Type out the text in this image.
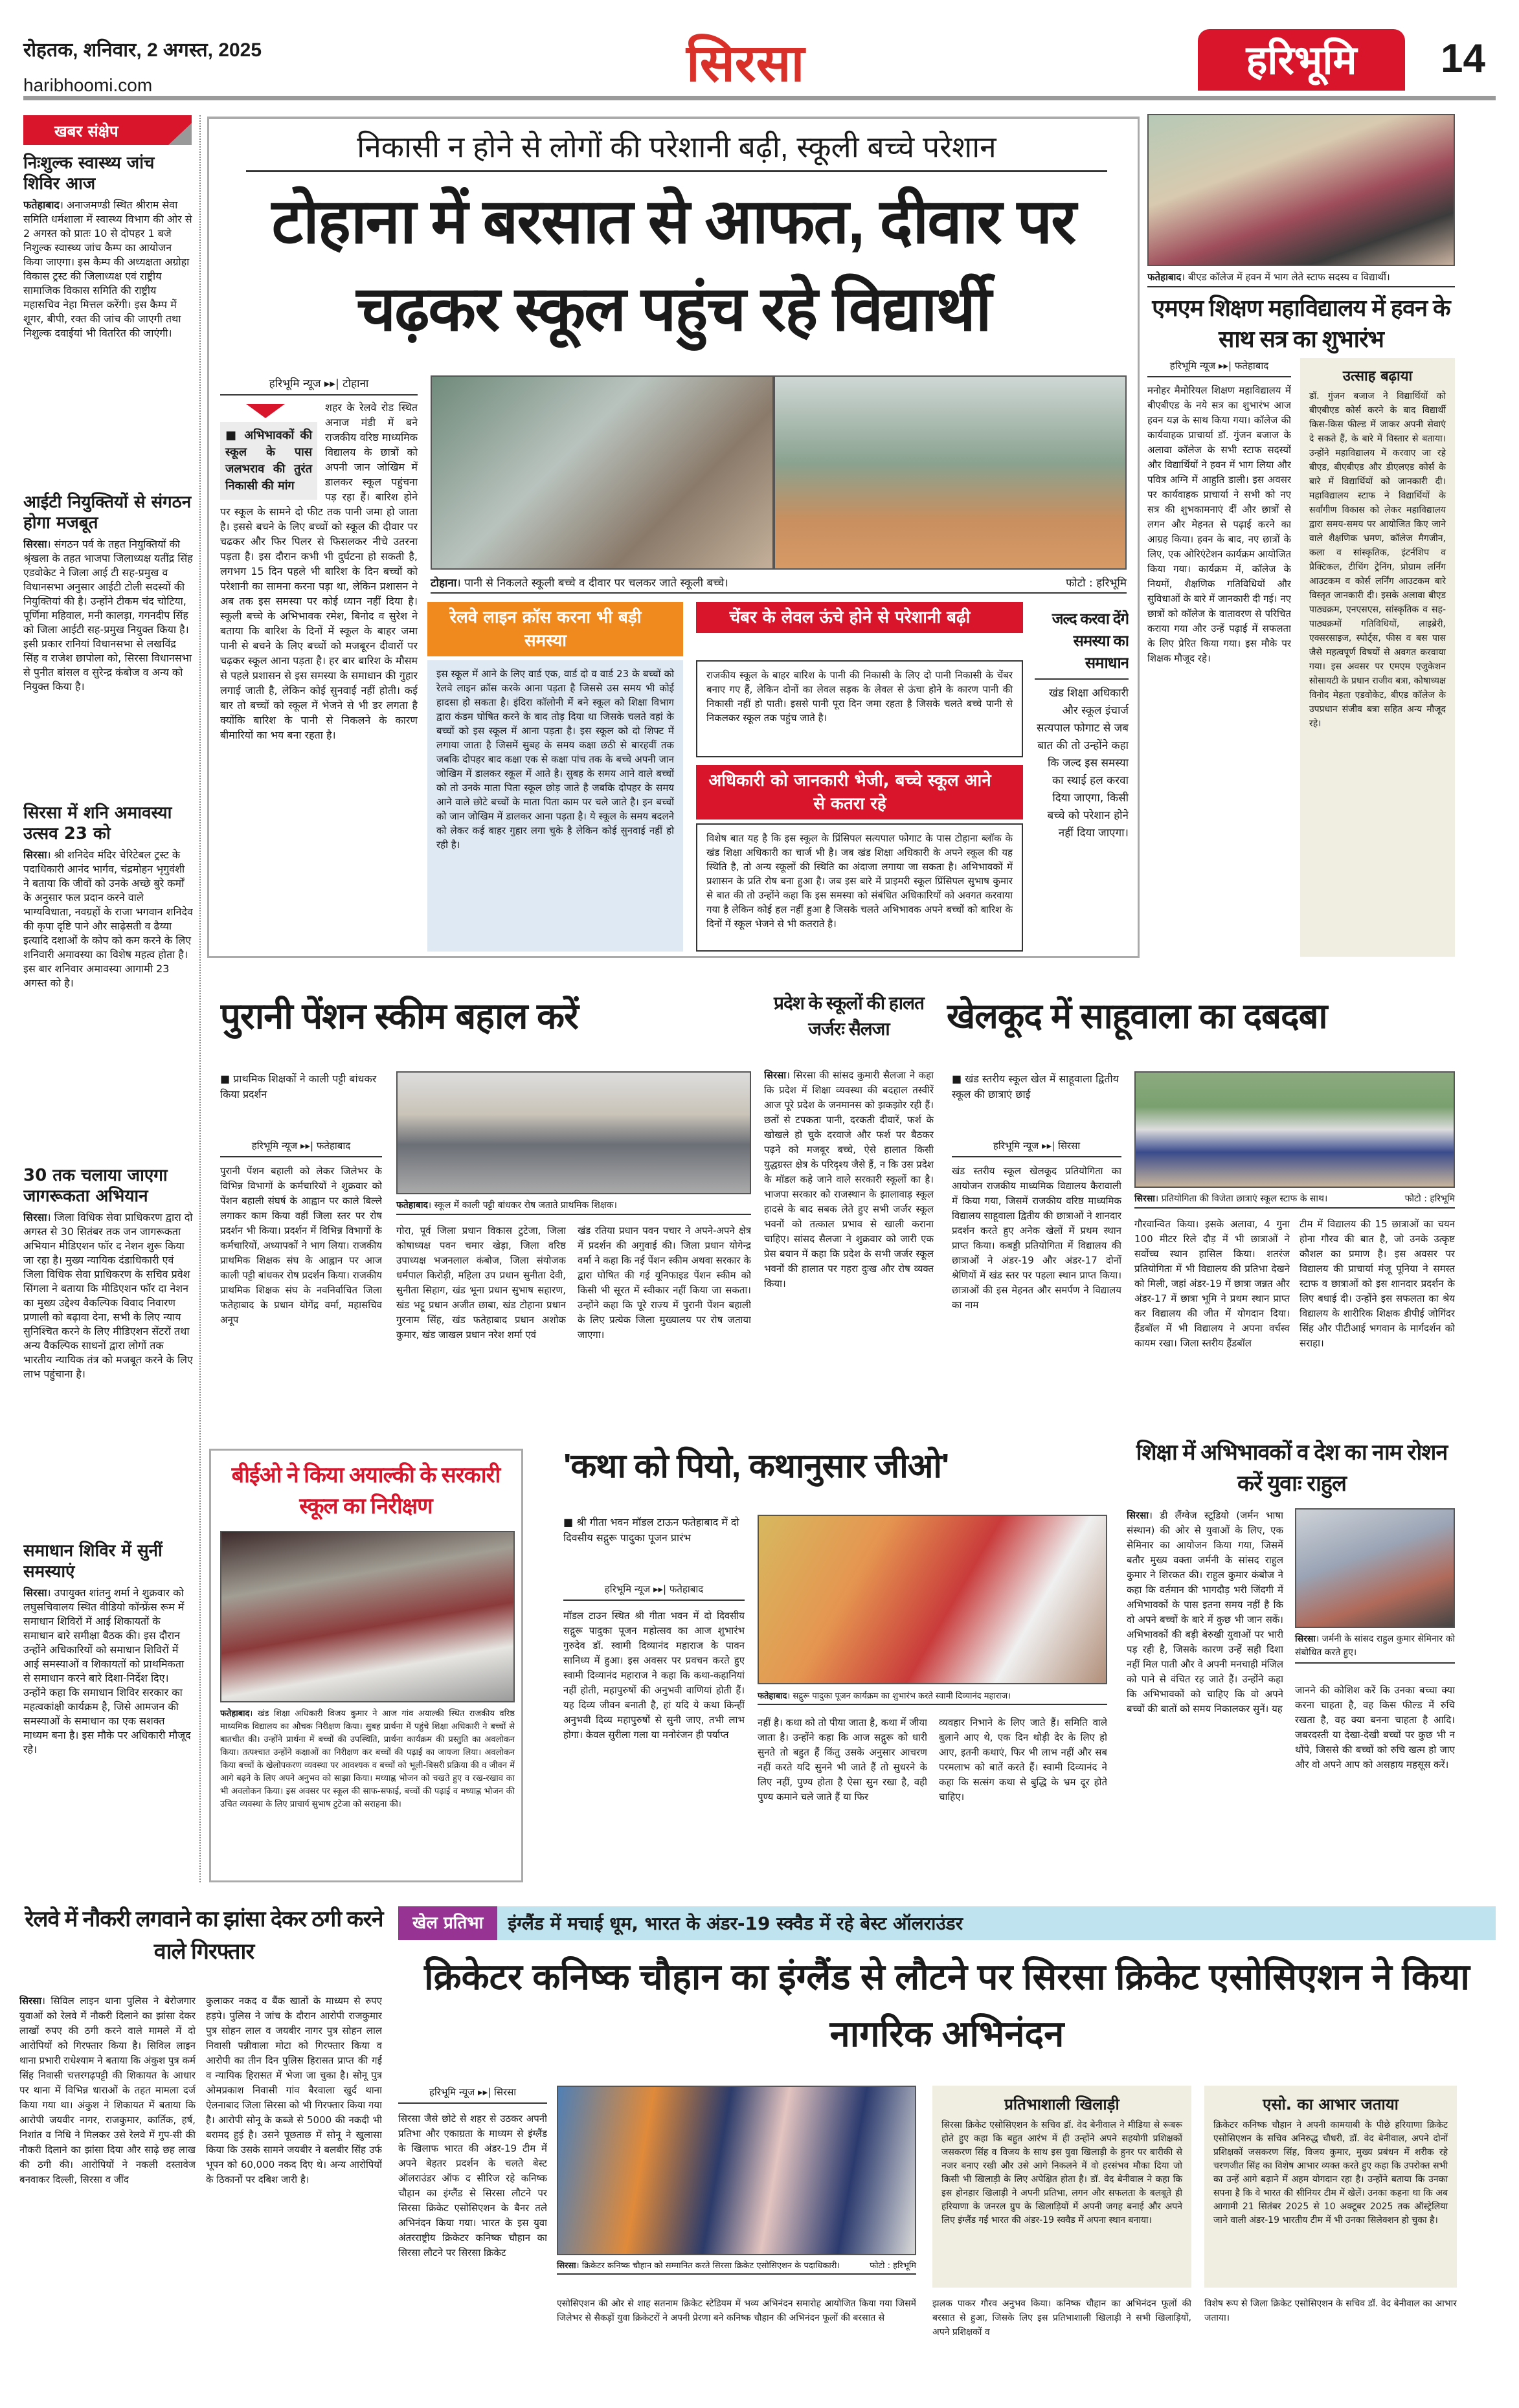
रोहतक, शनिवार, 2 अगस्त, 2025
haribhoomi.com	सिरसा	हरिभूमि	14
खबर संक्षेप
निःशुल्क स्वास्थ्य जांच शिविर आज

फतेहाबाद। अनाजमण्डी स्थित श्रीराम सेवा समिति धर्मशाला में स्वास्थ्य विभाग की ओर से 2 अगस्त को प्रातः 10 से दोपहर 1 बजे निशुल्क स्वास्थ्य जांच कैम्प का आयोजन किया जाएगा। इस कैम्प की अध्यक्षता अग्रोहा विकास ट्रस्ट की जिलाध्यक्ष एवं राष्ट्रीय सामाजिक विकास समिति की राष्ट्रीय महासचिव नेहा मित्तल करेंगी। इस कैम्प में शूगर, बीपी, रक्त की जांच की जाएगी तथा निशुल्क दवाईयां भी वितरित की जाएंगी।

आईटी नियुक्तियों से संगठन होगा मजबूत

सिरसा। संगठन पर्व के तहत नियुक्तियों की श्रृंखला के तहत भाजपा जिलाध्यक्ष यतींद्र सिंह एडवोकेट ने जिला आई टी सह-प्रमुख व विधानसभा अनुसार आईटी टोली सदस्यों की नियुक्तियां की है। उन्होंने टीकम चंद चोटिया, पूर्णिमा महिवाल, मनी कालड़ा, गगनदीप सिंह को जिला आईटी सह-प्रमुख नियुक्त किया है। इसी प्रकार रानियां विधानसभा से लखविंद्र सिंह व राजेश छापोला को, सिरसा विधानसभा से पुनीत बांसल व सुरेन्द्र कंबोज व अन्य को नियुक्त किया है।

सिरसा में शनि अमावस्या उत्सव 23 को

सिरसा। श्री शनिदेव मंदिर चेरिटेबल ट्रस्ट के पदाधिकारी आनंद भार्गव, चंद्रमोहन भृगुवंशी ने बताया कि जीवों को उनके अच्छे बुरे कर्मों के अनुसार फल प्रदान करने वाले भाग्यविधाता, नवग्रहों के राजा भगवान शनिदेव की कृपा दृष्टि पाने और साढ़ेसती व ढैय्या इत्यादि दशाओं के कोप को कम करने के लिए शनिवारी अमावस्या का विशेष महत्व होता है। इस बार शनिवार अमावस्या आगामी 23 अगस्त को है।

30 तक चलाया जाएगा जागरूकता अभियान

सिरसा। जिला विधिक सेवा प्राधिकरण द्वारा दो अगस्त से 30 सितंबर तक जन जागरूकता अभियान मीडिएशन फॉर द नेशन शुरू किया जा रहा है। मुख्य न्यायिक दंडाधिकारी एवं जिला विधिक सेवा प्राधिकरण के सचिव प्रवेश सिंगला ने बताया कि मीडिएशन फॉर दा नेशन का मुख्य उद्देश्य वैकल्पिक विवाद निवारण प्रणाली को बढ़ावा देना, सभी के लिए न्याय सुनिश्चित करने के लिए मीडिएशन सेंटरों तथा अन्य वैकल्पिक साधनों द्वारा लोगों तक भारतीय न्यायिक तंत्र को मजबूत करने के लिए लाभ पहुंचाना है।

समाधान शिविर में सुनीं समस्याएं

सिरसा। उपायुक्त शांतनु शर्मा ने शुक्रवार को लघुसचिवालय स्थित वीडियो कॉन्फ्रेंस रूम में समाधान शिविरों में आई शिकायतों के समाधान बारे समीक्षा बैठक की। इस दौरान उन्होंने अधिकारियों को समाधान शिविरों में आई समस्याओं व शिकायतों को प्राथमिकता से समाधान करने बारे दिशा-निर्देश दिए। उन्होंने कहा कि समाधान शिविर सरकार का महत्वकांक्षी कार्यक्रम है, जिसे आमजन की समस्याओं के समाधान का एक सशक्त माध्यम बना है। इस मौके पर अधिकारी मौजूद रहे।

निकासी न होने से लोगों की परेशानी बढ़ी, स्कूली बच्चे परेशान
टोहाना में बरसात से आफत, दीवार पर चढ़कर स्कूल पहुंच रहे विद्यार्थी
हरिभूमि न्यूज ▸▸| टोहाना
■ अभिभावकों की स्कूल के पास जलभराव की तुरंत निकासी की मांग
शहर के रेलवे रोड स्थित अनाज मंडी में बने राजकीय वरिष्ठ माध्यमिक विद्यालय के छात्रों को अपनी जान जोखिम में डालकर स्कूल पहुंचना पड़ रहा हैं। बारिश होने पर स्कूल के सामने दो फीट तक पानी जमा हो जाता है। इससे बचने के लिए बच्चों को स्कूल की दीवार पर चढकर और फिर पिलर से फिसलकर नीचे उतरना पड़ता है। इस दौरान कभी भी दुर्घटना हो सकती है, लगभग 15 दिन पहले भी बारिश के दिन बच्चों को परेशानी का सामना करना पड़ा था, लेकिन प्रशासन ने अब तक इस समस्या पर कोई ध्यान नहीं दिया है। स्कूली बच्चे के अभिभावक रमेश, बिनोद व सुरेश ने बताया कि बारिश के दिनों में स्कूल के बाहर जमा पानी से बचने के लिए बच्चों को मजबूरन दीवारों पर चढ़कर स्कूल आना पड़ता है। हर बार बारिश के मौसम से पहले प्रशासन से इस समस्या के समाधान की गुहार लगाई जाती है, लेकिन कोई सुनवाई नहीं होती। कई बार तो बच्चों को स्कूल में भेजने से भी डर लगता है क्योंकि बारिश के पानी से निकलने के कारण बीमारियों का भय बना रहता है।
टोहाना। पानी से निकलते स्कूली बच्चे व दीवार पर चलकर जाते स्कूली बच्चे।	फोटो : हरिभूमि
रेलवे लाइन क्रॉस करना भी बड़ी समस्या
इस स्कूल में आने के लिए वार्ड एक, वार्ड दो व वार्ड 23 के बच्चों को रेलवे लाइन क्रॉस करके आना पड़ता है जिससे उस समय भी कोई हादसा हो सकता है। इंदिरा कॉलोनी में बने स्कूल को शिक्षा विभाग द्वारा कंडम घोषित करने के बाद तोड़ दिया था जिसके चलते वहां के बच्चों को इस स्कूल में आना पड़ता है। इस स्कूल को दो शिफ्ट में लगाया जाता है जिसमें सुबह के समय कक्षा छठी से बारहवीं तक जबकि दोपहर बाद कक्षा एक से कक्षा पांच तक के बच्चे अपनी जान जोखिम में डालकर स्कूल में आते है। सुबह के समय आने वाले बच्चों को तो उनके माता पिता स्कूल छोड़ जाते है जबकि दोपहर के समय आने वाले छोटे बच्चों के माता पिता काम पर चले जाते है। इन बच्चों को जान जोखिम में डालकर आना पड़ता है। ये स्कूल के समय बदलने को लेकर कई बाहर गुहार लगा चुके है लेकिन कोई सुनवाई नहीं हो रही है।
चेंबर के लेवल ऊंचे होने से परेशानी बढ़ी
राजकीय स्कूल के बाहर बारिश के पानी की निकासी के लिए दो पानी निकासी के चेंबर बनाए गए हैं, लेकिन दोनों का लेवल सड़क के लेवल से ऊंचा होने के कारण पानी की निकासी नहीं हो पाती। इससे पानी पूरा दिन जमा रहता है जिसके चलते बच्चे पानी से निकलकर स्कूल तक पहुंच जाते है।
अधिकारी को जानकारी भेजी, बच्चे स्कूल आने से कतरा रहे
विशेष बात यह है कि इस स्कूल के प्रिंसिपल सत्यपाल फोगाट के पास टोहाना ब्लॉक के खंड शिक्षा अधिकारी का चार्ज भी है। जब खंड शिक्षा अधिकारी के अपने स्कूल की यह स्थिति है, तो अन्य स्कूलों की स्थिति का अंदाजा लगाया जा सकता है। अभिभावकों में प्रशासन के प्रति रोष बना हुआ है। जब इस बारे में प्राइमरी स्कूल प्रिंसिपल सुभाष कुमार से बात की तो उन्होंने कहा कि इस समस्या को संबंधित अधिकारियों को अवगत करवाया गया है लेकिन कोई हल नहीं हुआ है जिसके चलते अभिभावक अपने बच्चों को बारिश के दिनों में स्कूल भेजने से भी कतराते है।
जल्द करवा देंगे समस्या का समाधान
खंड शिक्षा अधिकारी और स्कूल इंचार्ज सत्यपाल फोगाट से जब बात की तो उन्होंने कहा कि जल्द इस समस्या का स्थाई हल करवा दिया जाएगा, किसी बच्चे को परेशान होने नहीं दिया जाएगा।
फतेहाबाद। बीएड कॉलेज में हवन में भाग लेते स्टाफ सदस्य व विद्यार्थी।
एमएम शिक्षण महाविद्यालय में हवन के साथ सत्र का शुभारंभ
हरिभूमि न्यूज ▸▸| फतेहाबाद
मनोहर मैमोरियल शिक्षण महाविद्यालय में बीएबीएड के नये सत्र का शुभारंभ आज हवन यज्ञ के साथ किया गया। कॉलेज की कार्यवाहक प्राचार्या डॉ. गुंजन बजाज के अलावा कॉलेज के सभी स्टाफ सदस्यों और विद्यार्थियों ने हवन में भाग लिया और पवित्र अग्नि में आहुति डाली। इस अवसर पर कार्यवाहक प्राचार्या ने सभी को नए सत्र की शुभकामनाएं दीं और छात्रों से लगन और मेहनत से पढ़ाई करने का आग्रह किया। हवन के बाद, नए छात्रों के लिए, एक ओरिएंटेशन कार्यक्रम आयोजित किया गया। कार्यक्रम में, कॉलेज के नियमों, शैक्षणिक गतिविधियों और सुविधाओं के बारे में जानकारी दी गई। नए छात्रों को कॉलेज के वातावरण से परिचित कराया गया और उन्हें पढ़ाई में सफलता के लिए प्रेरित किया गया। इस मौके पर शिक्षक मौजूद रहे।
उत्साह बढ़ाया
डॉ. गुंजन बजाज ने विद्यार्थियों को बीएबीएड कोर्स करने के बाद विद्यार्थी किस-किस फील्ड में जाकर अपनी सेवाएं दे सकते हैं, के बारे में विस्तार से बताया। उन्होंने महाविद्यालय में करवाए जा रहे बीएड, बीएबीएड और डीएलएड कोर्स के बारे में विद्यार्थियों को जानकारी दी। महाविद्यालय स्टाफ ने विद्यार्थियों के सर्वांगीण विकास को लेकर महाविद्यालय द्वारा समय-समय पर आयोजित किए जाने वाले शैक्षणिक भ्रमण, कॉलेज मैगजीन, कला व सांस्कृतिक, इंटर्नशिप व प्रैक्टिकल, टीचिंग ट्रेनिंग, प्रोग्राम लर्निंग आउटकम व कोर्स लर्निंग आउटकम बारे विस्तृत जानकारी दी। इसके अलावा बीएड पाठ्यक्रम, एनएसएस, सांस्कृतिक व सह-पाठ्यक्रमों गतिविधियों, लाइब्रेरी, एक्सरसाइज, स्पोर्ट्स, फीस व बस पास जैसे महत्वपूर्ण विषयों से अवगत करवाया गया। इस अवसर पर एमएम एजुकेशन सोसायटी के प्रधान राजीव बत्रा, कोषाध्यक्ष विनोद मेहता एडवोकेट, बीएड कॉलेज के उपप्रधान संजीव बत्रा सहित अन्य मौजूद रहे।
पुरानी पेंशन स्कीम बहाल करें
■ प्राथमिक शिक्षकों ने काली पट्टी बांधकर किया प्रदर्शन
हरिभूमि न्यूज ▸▸| फतेहाबाद
फतेहाबाद। स्कूल में काली पट्टी बांधकर रोष जताते प्राथमिक शिक्षक।
पुरानी पेंशन बहाली को लेकर जिलेभर के विभिन्न विभागों के कर्मचारियों ने शुक्रवार को पेंशन बहाली संघर्ष के आह्वान पर काले बिल्ले लगाकर काम किया वहीं जिला स्तर पर रोष प्रदर्शन भी किया। प्रदर्शन में विभिन्न विभागों के कर्मचारियों, अध्यापकों ने भाग लिया। राजकीय प्राथमिक शिक्षक संघ के आह्वान पर आज काली पट्टी बांधकर रोष प्रदर्शन किया। राजकीय प्राथमिक शिक्षक संघ के नवनिर्वाचित जिला फतेहाबाद के प्रधान योगेंद्र वर्मा, महासचिव अनूप
गोरा, पूर्व जिला प्रधान विकास टुटेजा, जिला कोषाध्यक्ष पवन चमार खेड़ा, जिला वरिष्ठ उपाध्यक्ष भजनलाल कंबोज, जिला संयोजक धर्मपाल किरोड़ी, महिला उप प्रधान सुनीता देवी, सुनीता सिहाग, खंड भूना प्रधान सुभाष सहारण, खंड भट्टू प्रधान अजीत छाबा, खंड टोहाना प्रधान गुरनाम सिंह, खंड फतेहाबाद प्रधान अशोक कुमार, खंड जाखल प्रधान नरेश शर्मा एवं
खंड रतिया प्रधान पवन पचार ने अपने-अपने क्षेत्र में प्रदर्शन की अगुवाई की। जिला प्रधान योगेन्द्र वर्मा ने कहा कि नई पेंशन स्कीम अथवा सरकार के द्वारा घोषित की गई यूनिफाइड पेंशन स्कीम को किसी भी सूरत में स्वीकार नहीं किया जा सकता। उन्होंने कहा कि पूरे राज्य में पुरानी पेंशन बहाली के लिए प्रत्येक जिला मुख्यालय पर रोष जताया जाएगा।
प्रदेश के स्कूलों की हालत जर्जरः सैलजा
सिरसा। सिरसा की सांसद कुमारी सैलजा ने कहा कि प्रदेश में शिक्षा व्यवस्था की बदहाल तस्वीरें आज पूरे प्रदेश के जनमानस को झकझोर रही हैं। छतों से टपकता पानी, दरकती दीवारें, फर्श के खोखले हो चुके दरवाजे और फर्श पर बैठकर पढ़ने को मजबूर बच्चे, ऐसे हालात किसी युद्धग्रस्त क्षेत्र के परिदृश्य जैसे हैं, न कि उस प्रदेश के मॉडल कहे जाने वाले सरकारी स्कूलों का है। भाजपा सरकार को राजस्थान के झालावाड़ स्कूल हादसे के बाद सबक लेते हुए सभी जर्जर स्कूल भवनों को तत्काल प्रभाव से खाली कराना चाहिए। सांसद सैलजा ने शुक्रवार को जारी एक प्रेस बयान में कहा कि प्रदेश के सभी जर्जर स्कूल भवनों की हालात पर गहरा दुःख और रोष व्यक्त किया।
खेलकूद में साहूवाला का दबदबा
■ खंड स्तरीय स्कूल खेल में साहूवाला द्वितीय स्कूल की छात्राएं छाई
हरिभूमि न्यूज ▸▸| सिरसा
सिरसा। प्रतियोगिता की विजेता छात्राएं स्कूल स्टाफ के साथ।	फोटो : हरिभूमि
खंड स्तरीय स्कूल खेलकूद प्रतियोगिता का आयोजन राजकीय माध्यमिक विद्यालय कैरावाली में किया गया, जिसमें राजकीय वरिष्ठ माध्यमिक विद्यालय साहूवाला द्वितीय की छात्राओं ने शानदार प्रदर्शन करते हुए अनेक खेलों में प्रथम स्थान प्राप्त किया। कबड्डी प्रतियोगिता में विद्यालय की छात्राओं ने अंडर-19 और अंडर-17 दोनों श्रेणियों में खंड स्तर पर पहला स्थान प्राप्त किया। छात्राओं की इस मेहनत और समर्पण ने विद्यालय का नाम
गौरवान्वित किया। इसके अलावा, 4 गुना 100 मीटर रिले दौड़ में भी छात्राओं ने सर्वोच्च स्थान हासिल किया। शतरंज प्रतियोगिता में भी विद्यालय की प्रतिभा देखने को मिली, जहां अंडर-19 में छात्रा जन्नत और अंडर-17 में छात्रा भूमि ने प्रथम स्थान प्राप्त कर विद्यालय की जीत में योगदान दिया। हैंडबॉल में भी विद्यालय ने अपना वर्चस्व कायम रखा। जिला स्तरीय हैंडबॉल
टीम में विद्यालय की 15 छात्राओं का चयन होना गौरव की बात है, जो उनके उत्कृष्ट कौशल का प्रमाण है। इस अवसर पर विद्यालय की प्राचार्या मंजू पूनिया ने समस्त स्टाफ व छात्राओं को इस शानदार प्रदर्शन के लिए बधाई दी। उन्होंने इस सफलता का श्रेय विद्यालय के शारीरिक शिक्षक डीपीई जोगिंदर सिंह और पीटीआई भगवान के मार्गदर्शन को सराहा।
बीईओ ने किया अयाल्की के सरकारी स्कूल का निरीक्षण
फतेहाबाद। खंड शिक्षा अधिकारी विजय कुमार ने आज गांव अयाल्की स्थित राजकीय वरिष्ठ माध्यमिक विद्यालय का औचक निरीक्षण किया। सुबह प्रार्थना में पहुंचे शिक्षा अधिकारी ने बच्चों से बातचीत की। उन्होंने प्रार्थना में बच्चों की उपस्थिति, प्रार्थना कार्यक्रम की प्रस्तुति का अवलोकन किया। तत्पश्चात उन्होंने कक्षाओं का निरीक्षण कर बच्चों की पढ़ाई का जायजा लिया। अवलोकन किया बच्चों के खेलोपकरण व्यवस्था पर आवश्यक व बच्चों को भूली-बिसरी प्रक्रिया की व जीवन में आगे बढ़ने के लिए अपने अनुभव को साझा किया। मध्याह्न भोजन को चखते हुए व रख-रखाव का भी अवलोकन किया। इस अवसर पर स्कूल की साफ-सफाई, बच्चों की पढ़ाई व मध्याह्न भोजन की उचित व्यवस्था के लिए प्राचार्य सुभाष टुटेजा को सराहना की।
'कथा को पियो, कथानुसार जीओ'
■ श्री गीता भवन मॉडल टाऊन फतेहाबाद में दो दिवसीय सद्गुरू पादुका पूजन प्रारंभ
हरिभूमि न्यूज ▸▸| फतेहाबाद
मॉडल टाउन स्थित श्री गीता भवन में दो दिवसीय सद्गुरू पादुका पूजन महोत्सव का आज शुभारंभ गुरुदेव डॉ. स्वामी दिव्यानंद महाराज के पावन सानिध्य में हुआ। इस अवसर पर प्रवचन करते हुए स्वामी दिव्यानंद महाराज ने कहा कि कथा-कहानियां नहीं होती, महापुरुषों की अनुभवी वाणियां होती हैं। यह दिव्य जीवन बनाती है, हां यदि ये कथा किन्हीं अनुभवी दिव्य महापुरुषों से सुनी जाए, तभी लाभ होगा। केवल सुरीला गला या मनोरंजन ही पर्याप्त
फतेहाबाद। सद्गुरू पादुका पूजन कार्यक्रम का शुभारंभ करते स्वामी दिव्यानंद महाराज।
नहीं है। कथा को तो पीया जाता है, कथा में जीया जाता है। उन्होंने कहा कि आज सद्गुरू को धारी सुनते तो बहुत हैं किंतु उसके अनुसार आचरण नहीं करते यदि सुनने भी जाते हैं तो सुधरने के लिए नहीं, पुण्य होता है ऐसा सुन रखा है, वही पुण्य कमाने चले जाते हैं या फिर
व्यवहार निभाने के लिए जाते हैं। समिति वाले बुलाने आए थे, एक दिन थोड़ी देर के लिए हो आए, इतनी कथाएं, फिर भी लाभ नहीं और सब परमलाभ को बातें करते हैं। स्वामी दिव्यानंद ने कहा कि सत्संग कथा से बुद्धि के भ्रम दूर होते चाहिए।
शिक्षा में अभिभावकों व देश का नाम रोशन करें युवाः राहुल
सिरसा। डी लैंग्वेज स्टूडियो (जर्मन भाषा संस्थान) की ओर से युवाओं के लिए, एक सेमिनार का आयोजन किया गया, जिसमें बतौर मुख्य वक्ता जर्मनी के सांसद राहुल कुमार ने शिरकत की। राहुल कुमार कंबोज ने कहा कि वर्तमान की भागदौड़ भरी जिंदगी में अभिभावकों के पास इतना समय नहीं है कि वो अपने बच्चों के बारे में कुछ भी जान सकें। अभिभावकों की बड़ी बेरुखी युवाओं पर भारी पड़ रही है, जिसके कारण उन्हें सही दिशा नहीं मिल पाती और वे अपनी मनचाही मंजिल को पाने से वंचित रह जाते हैं। उन्होंने कहा कि अभिभावकों को चाहिए कि वो अपने बच्चों की बातों को समय निकालकर सुनें। यह
सिरसा। जर्मनी के सांसद राहुल कुमार सेमिनार को संबोधित करते हुए।
जानने की कोशिश करें कि उनका बच्चा क्या करना चाहता है, वह किस फील्ड में रुचि रखता है, वह क्या बनना चाहता है आदि। जबरदस्ती या देखा-देखी बच्चों पर कुछ भी न थोंपे, जिससे की बच्चों को रुचि खत्म हो जाए और वो अपने आप को असहाय महसूस करें।
रेलवे में नौकरी लगवाने का झांसा देकर ठगी करने वाले गिरफ्तार
सिरसा। सिविल लाइन थाना पुलिस ने बेरोजगार युवाओं को रेलवे में नौकरी दिलाने का झांसा देकर लाखों रुपए की ठगी करने वाले मामले में दो आरोपियों को गिरफ्तार किया है। सिविल लाइन थाना प्रभारी राधेश्याम ने बताया कि अंकुश पुत्र कर्म सिंह निवासी चत्तरगढ़पट्टी की शिकायत के आधार पर थाना में विभिन्न धाराओं के तहत मामला दर्ज किया गया था। अंकुश ने शिकायत में बताया कि आरोपी जयवीर नागर, राजकुमार, कार्तिक, हर्ष, निशांत व निधि ने मिलकर उसे रेलवे में गुप-सी की नौकरी दिलाने का झांसा दिया और साढ़े छह लाख की ठगी की। आरोपियों ने नकली दस्तावेज बनवाकर दिल्ली, सिरसा व जींद
कुलाकर नकद व बैंक खातों के माध्यम से रुपए हड़पे। पुलिस ने जांच के दौरान आरोपी राजकुमार पुत्र सोहन लाल व जयबीर नागर पुत्र सोहन लाल निवासी पन्नीवाला मोटा को गिरफ्तार किया व आरोपी का तीन दिन पुलिस हिरासत प्राप्त की गई व न्यायिक हिरासत में भेजा जा चुका है। सोनू पुत्र ओमप्रकाश निवासी गांव बैरवाला खुर्द थाना ऐलनाबाद जिला सिरसा को भी गिरफ्तार किया गया है। आरोपी सोनू के कब्जे से 5000 की नकदी भी बरामद हुई है। उसने पूछताछ में सोनू ने खुलासा किया कि उसके सामने जयबीर ने बलबीर सिंह उर्फ भूपन को 60,000 नकद दिए थे। अन्य आरोपियों के ठिकानों पर दबिश जारी है।
खेल प्रतिभा	इंग्लैंड में मचाई धूम, भारत के अंडर-19 स्क्वैड में रहे बेस्ट ऑलराउंडर
क्रिकेटर कनिष्क चौहान का इंग्लैंड से लौटने पर सिरसा क्रिकेट एसोसिएशन ने किया नागरिक अभिनंदन
हरिभूमि न्यूज ▸▸| सिरसा
सिरसा जैसे छोटे से शहर से उठकर अपनी प्रतिभा और एकाग्रता के माध्यम से इंग्लैंड के खिलाफ भारत की अंडर-19 टीम में अपने बेहतर प्रदर्शन के चलते बेस्ट ऑलराउंडर ऑफ द सीरिज रहे कनिष्क चौहान का इंग्लैंड से सिरसा लौटने पर सिरसा क्रिकेट एसोसिएशन के बैनर तले अभिनंदन किया गया। भारत के इस युवा अंतरराष्ट्रीय क्रिकेटर कनिष्क चौहान का सिरसा लौटने पर सिरसा क्रिकेट
सिरसा। क्रिकेटर कनिष्क चौहान को सम्मानित करते सिरसा क्रिकेट एसोसिएशन के पदाधिकारी।	फोटो : हरिभूमि
एसोसिएशन की ओर से शाह सतनाम क्रिकेट स्टेडियम में भव्य अभिनंदन समारोह आयोजित किया गया जिसमें जिलेभर से सैकड़ों युवा क्रिकेटरों ने अपनी प्रेरणा बने कनिष्क चौहान की अभिनंदन फूलों की बरसात से
झलक पाकर गौरव अनुभव किया। कनिष्क चौहान का अभिनंदन फूलों की बरसात से हुआ, जिसके लिए इस प्रतिभाशाली खिलाड़ी ने सभी खिलाड़ियों, अपने प्रशिक्षकों व
विशेष रूप से जिला क्रिकेट एसोसिएशन के सचिव डॉ. वेद बेनीवाल का आभार जताया।
प्रतिभाशाली खिलाड़ी
सिरसा क्रिकेट एसोसिएशन के सचिव डॉ. वेद बेनीवाल ने मीडिया से रूबरू होते हुए कहा कि बहुत आरंभ में ही उन्होंने अपने सहयोगी प्रशिक्षकों जसकरण सिंह व विजय के साथ इस युवा खिलाड़ी के हुनर पर बारीकी से नजर बनाए रखी और उसे आगे निकलने में वो हरसंभव मौका दिया जो किसी भी खिलाड़ी के लिए अपेक्षित होता है। डॉ. वेद बेनीवाल ने कहा कि इस होनहार खिलाड़ी ने अपनी प्रतिभा, लगन और सफलता के बलबूते ही हरियाणा के जनरल ग्रुप के खिलाड़ियों में अपनी जगह बनाई और अपने लिए इंग्लैंड गई भारत की अंडर-19 स्क्वैड में अपना स्थान बनाया।
एसो. का आभार जताया
क्रिकेटर कनिष्क चौहान ने अपनी कामयाबी के पीछे हरियाणा क्रिकेट एसोसिएशन के सचिव अनिरुद्ध चौधरी, डॉ. वेद बेनीवाल, अपने दोनों प्रशिक्षकों जसकरण सिंह, विजय कुमार, मुख्य प्रबंधन में शरीक रहे चरणजीत सिंह का विशेष आभार व्यक्त करते हुए कहा कि उपरोक्त सभी का उन्हें आगे बढ़ाने में अहम योगदान रहा है। उन्होंने बताया कि उनका सपना है कि वे भारत की सीनियर टीम में खेलें। उनका कहना था कि अब आगामी 21 सितंबर 2025 से 10 अक्टूबर 2025 तक ऑस्ट्रेलिया जाने वाली अंडर-19 भारतीय टीम में भी उनका सिलेक्शन हो चुका है।
